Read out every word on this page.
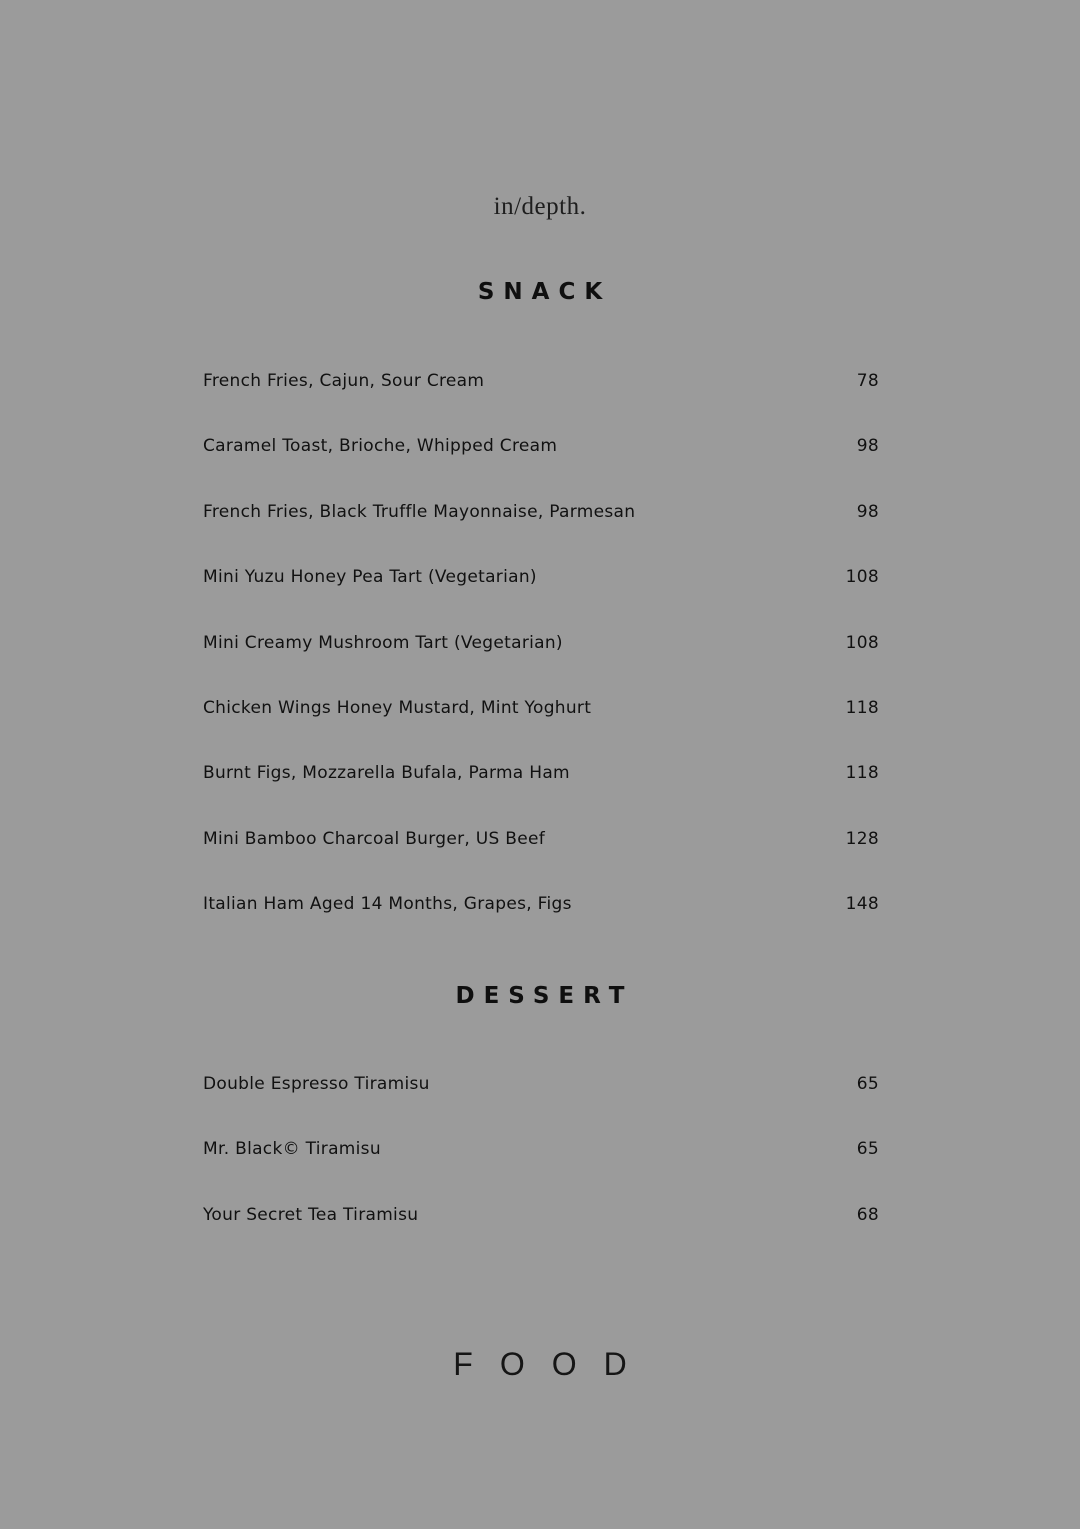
in/depth.
SNACK
French Fries, Cajun, Sour Cream	78
Caramel Toast, Brioche, Whipped Cream	98
French Fries, Black Truffle Mayonnaise, Parmesan	98
Mini Yuzu Honey Pea Tart (Vegetarian)	108
Mini Creamy Mushroom Tart (Vegetarian)	108
Chicken Wings Honey Mustard, Mint Yoghurt	118
Burnt Figs, Mozzarella Bufala, Parma Ham	118
Mini Bamboo Charcoal Burger, US Beef	128
Italian Ham Aged 14 Months, Grapes, Figs	148
DESSERT
Double Espresso Tiramisu	65
Mr. Black© Tiramisu	65
Your Secret Tea Tiramisu	68
FOOD
